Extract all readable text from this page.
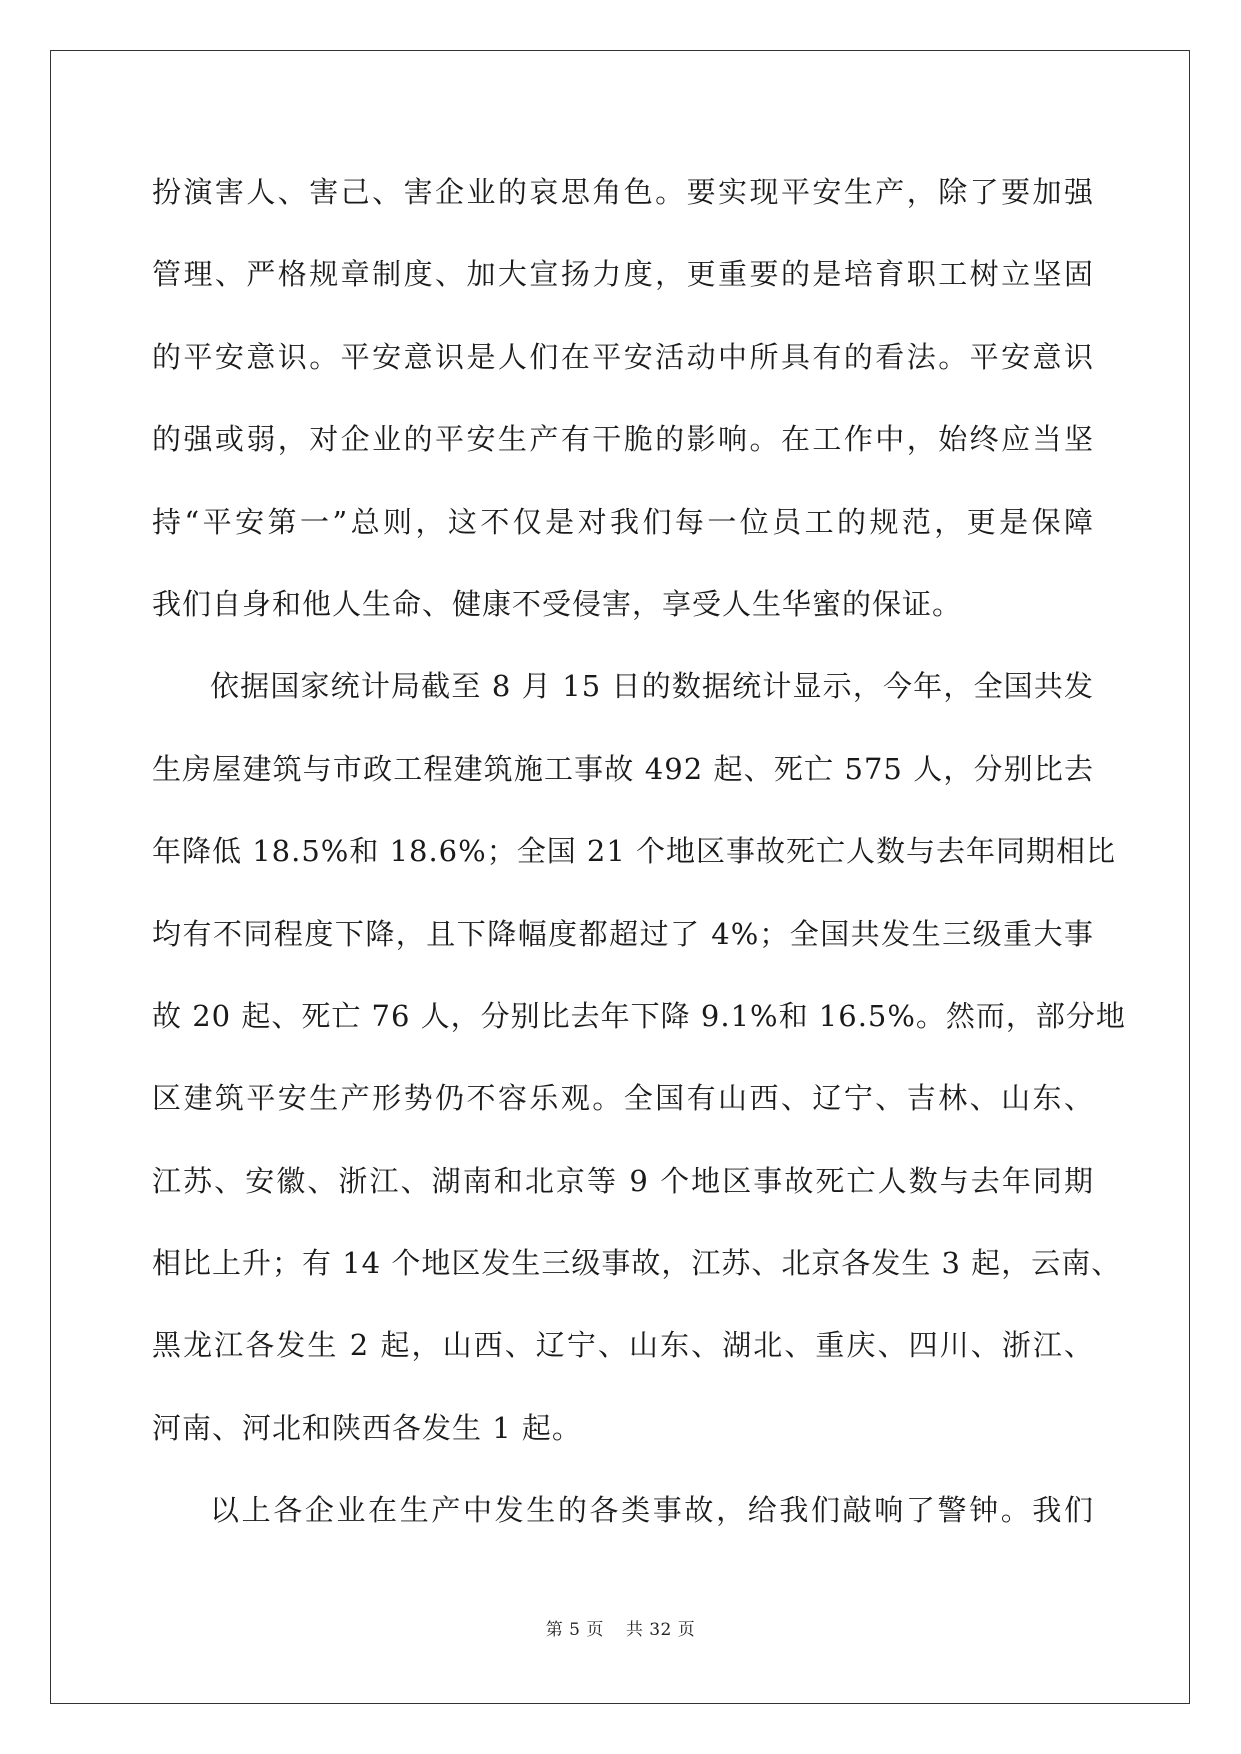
扮演害人、害己、害企业的哀思角色。要实现平安生产，除了要加强
管理、严格规章制度、加大宣扬力度，更重要的是培育职工树立坚固
的平安意识。平安意识是人们在平安活动中所具有的看法。平安意识
的强或弱，对企业的平安生产有干脆的影响。在工作中，始终应当坚
持“平安第一”总则，这不仅是对我们每一位员工的规范，更是保障
我们自身和他人生命、健康不受侵害，享受人生华蜜的保证。
依据国家统计局截至 8 月 15 日的数据统计显示，今年，全国共发
生房屋建筑与市政工程建筑施工事故 492 起、死亡 575 人，分别比去
年降低 18.5%和 18.6%；全国 21 个地区事故死亡人数与去年同期相比
均有不同程度下降，且下降幅度都超过了 4%；全国共发生三级重大事
故 20 起、死亡 76 人，分别比去年下降 9.1%和 16.5%。然而，部分地
区建筑平安生产形势仍不容乐观。全国有山西、辽宁、吉林、山东、
江苏、安徽、浙江、湖南和北京等 9 个地区事故死亡人数与去年同期
相比上升；有 14 个地区发生三级事故，江苏、北京各发生 3 起，云南、
黑龙江各发生 2 起，山西、辽宁、山东、湖北、重庆、四川、浙江、
河南、河北和陕西各发生 1 起。
以上各企业在生产中发生的各类事故，给我们敲响了警钟。我们
第 5 页 共 32 页
